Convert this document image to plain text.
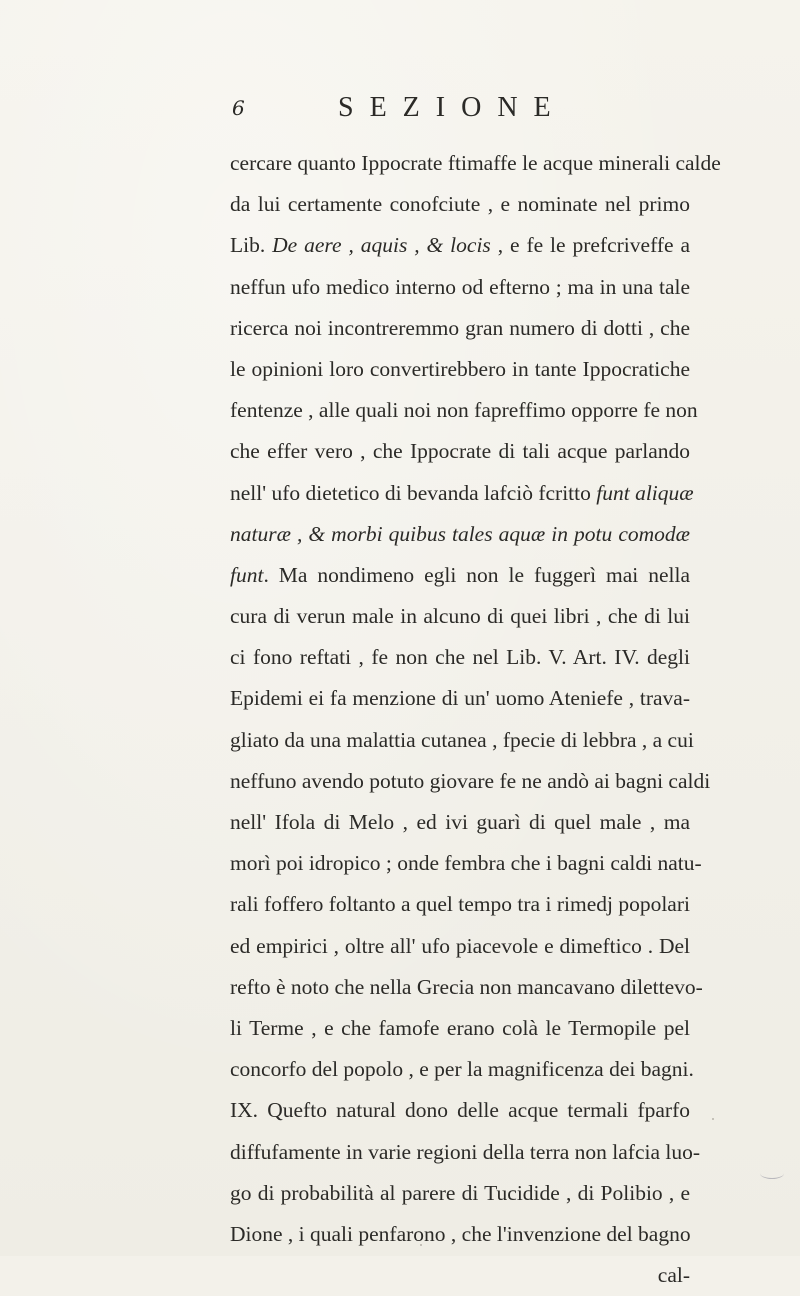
6	SEZIONE
cercare quanto Ippocrate ftimaffe le acque minerali calde
da lui certamente conofciute , e nominate nel primo
Lib. De aere , aquis , & locis , e fe le prefcriveffe a
neffun ufo medico interno od efterno ; ma in una tale
ricerca noi incontreremmo gran numero di dotti , che
le opinioni loro convertirebbero in tante Ippocratiche
fentenze , alle quali noi non fapreffimo opporre fe non
che effer vero , che Ippocrate di tali acque parlando
nell' ufo dietetico di bevanda lafciò fcritto funt aliquæ
naturæ , & morbi quibus tales aquæ in potu comodæ
funt. Ma nondimeno egli non le fuggerì mai nella
cura di verun male in alcuno di quei libri , che di lui
ci fono reftati , fe non che nel Lib. V. Art. IV. degli
Epidemi ei fa menzione di un' uomo Ateniefe , trava-
gliato da una malattia cutanea , fpecie di lebbra , a cui
neffuno avendo potuto giovare fe ne andò ai bagni caldi
nell' Ifola di Melo , ed ivi guarì di quel male , ma
morì poi idropico ; onde fembra che i bagni caldi natu-
rali foffero foltanto a quel tempo tra i rimedj popolari
ed empirici , oltre all' ufo piacevole e dimeftico . Del
refto è noto che nella Grecia non mancavano dilettevo-
li Terme , e che famofe erano colà le Termopile pel
concorfo del popolo , e per la magnificenza dei bagni.
IX. Quefto natural dono delle acque termali fparfo
diffufamente in varie regioni della terra non lafcia luo-
go di probabilità al parere di Tucidide , di Polibio , e
Dione , i quali penfarono , che l'invenzione del bagno
cal-
